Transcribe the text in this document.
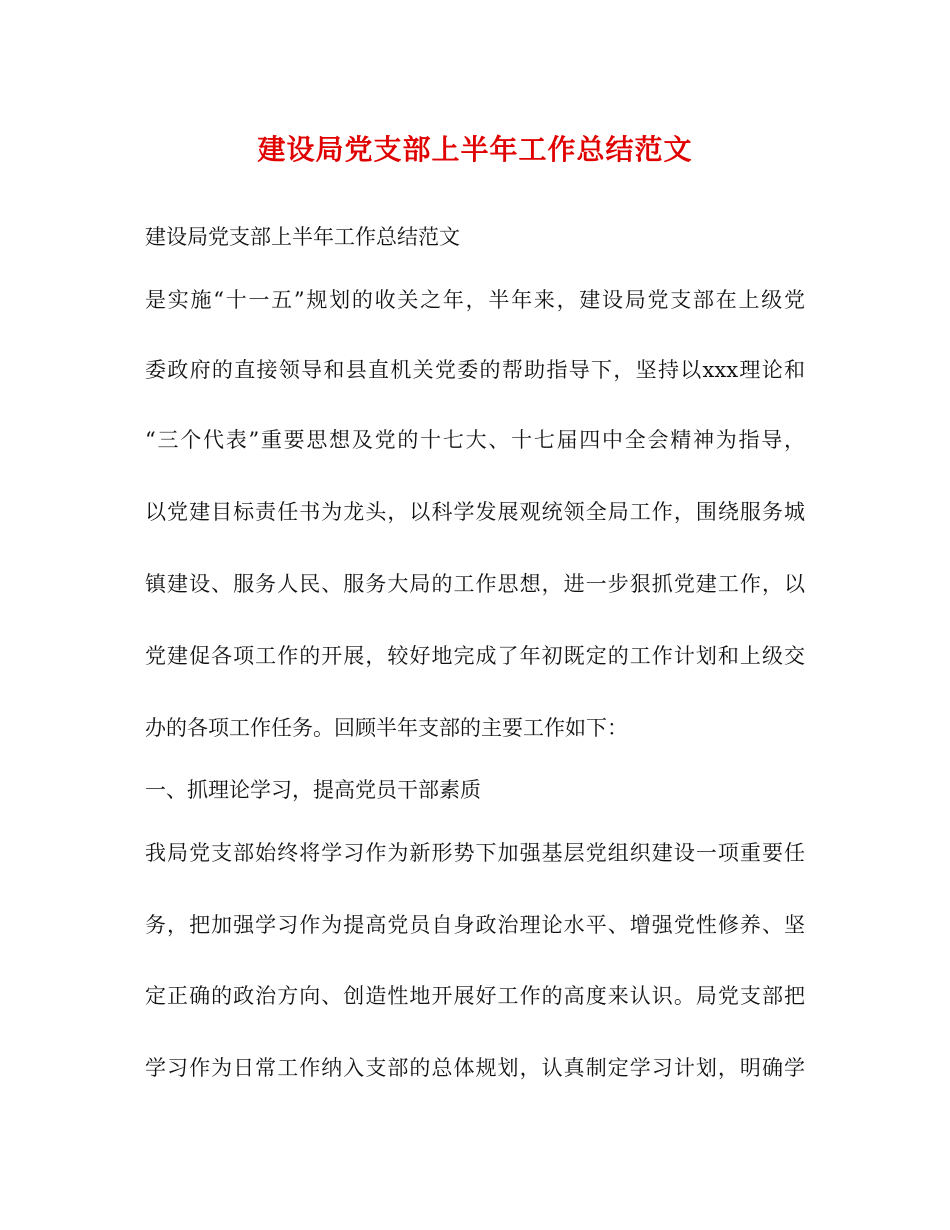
建设局党支部上半年工作总结范文

建设局党支部上半年工作总结范文

是实施“十一五”规划的收关之年，半年来，建设局党支部在上级党

委政府的直接领导和县直机关党委的帮助指导下，坚持以xxx理论和

“三个代表”重要思想及党的十七大、十七届四中全会精神为指导，

以党建目标责任书为龙头，以科学发展观统领全局工作，围绕服务城

镇建设、服务人民、服务大局的工作思想，进一步狠抓党建工作，以

党建促各项工作的开展，较好地完成了年初既定的工作计划和上级交

办的各项工作任务。回顾半年支部的主要工作如下：

一、抓理论学习，提高党员干部素质

我局党支部始终将学习作为新形势下加强基层党组织建设一项重要任

务，把加强学习作为提高党员自身政治理论水平、增强党性修养、坚

定正确的政治方向、创造性地开展好工作的高度来认识。局党支部把

学习作为日常工作纳入支部的总体规划，认真制定学习计划，明确学
